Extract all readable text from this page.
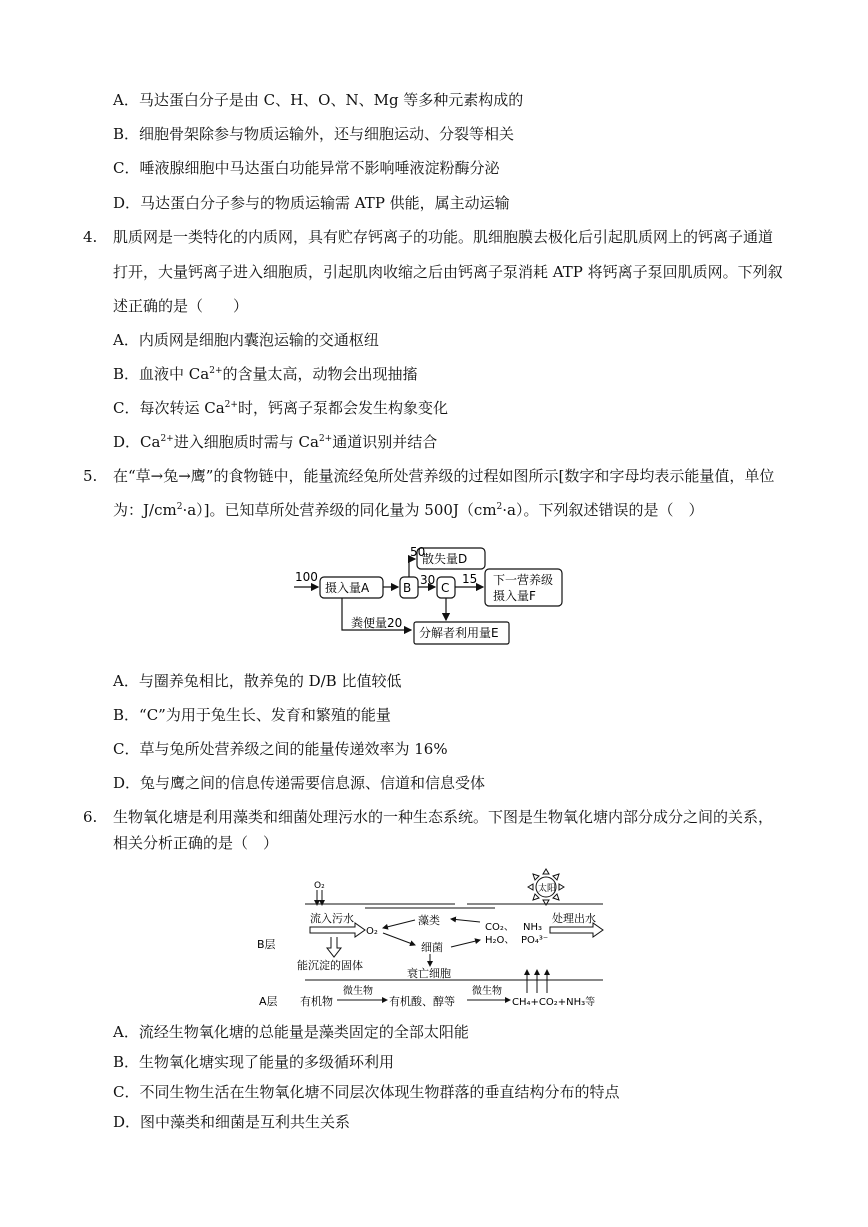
A．马达蛋白分子是由 C、H、O、N、Mg 等多种元素构成的
B．细胞骨架除参与物质运输外，还与细胞运动、分裂等相关
C．唾液腺细胞中马达蛋白功能异常不影响唾液淀粉酶分泌
D．马达蛋白分子参与的物质运输需 ATP 供能，属主动运输
4. 肌质网是一类特化的内质网，具有贮存钙离子的功能。肌细胞膜去极化后引起肌质网上的钙离子通道
打开，大量钙离子进入细胞质，引起肌肉收缩之后由钙离子泵消耗 ATP 将钙离子泵回肌质网。下列叙
述正确的是（　　）
A．内质网是细胞内囊泡运输的交通枢纽
B．血液中 $Ca^{2+}$的含量太高，动物会出现抽搐
C．每次转运 $Ca^{2+}$时，钙离子泵都会发生构象变化
D．$Ca^{2+}$进入细胞质时需与 $Ca^{2+}$通道识别并结合
5. 在“草→兔→鹰”的食物链中，能量流经兔所处营养级的过程如图所示[数字和字母均表示能量值，单位
为：$J/cm^2\cdot a$）]。已知草所处营养级的同化量为 $500J(cm^2\cdot a)$。下列叙述错误的是（　）
100
摄入量A	B
50
散失量D
30
C
15 下一营养级
摄入量F
粪便量20
分解者利用量E
A．与圈养兔相比，散养兔的 D/B 比值较低
B．“C”为用于兔生长、发育和繁殖的能量
C．草与兔所处营养级之间的能量传递效率为 16%
D．兔与鹰之间的信息传递需要信息源、信道和信息受体
6. 生物氧化塘是利用藻类和细菌处理污水的一种生态系统。下图是生物氧化塘内部分成分之间的关系，
相关分析正确的是（　）
太阳
O₂
流入污水
能沉淀的固体
B层
O₂
藻类
细菌
CO₂、
H₂O、
NH₃
PO₄³⁻
处理出水
衰亡细胞
A层 有机物
微生物
有机酸、醇等
微生物
CH₄+CO₂+NH₃等
A．流经生物氧化塘的总能量是藻类固定的全部太阳能
B．生物氧化塘实现了能量的多级循环利用
C．不同生物生活在生物氧化塘不同层次体现生物群落的垂直结构分布的特点
D．图中藻类和细菌是互利共生关系
